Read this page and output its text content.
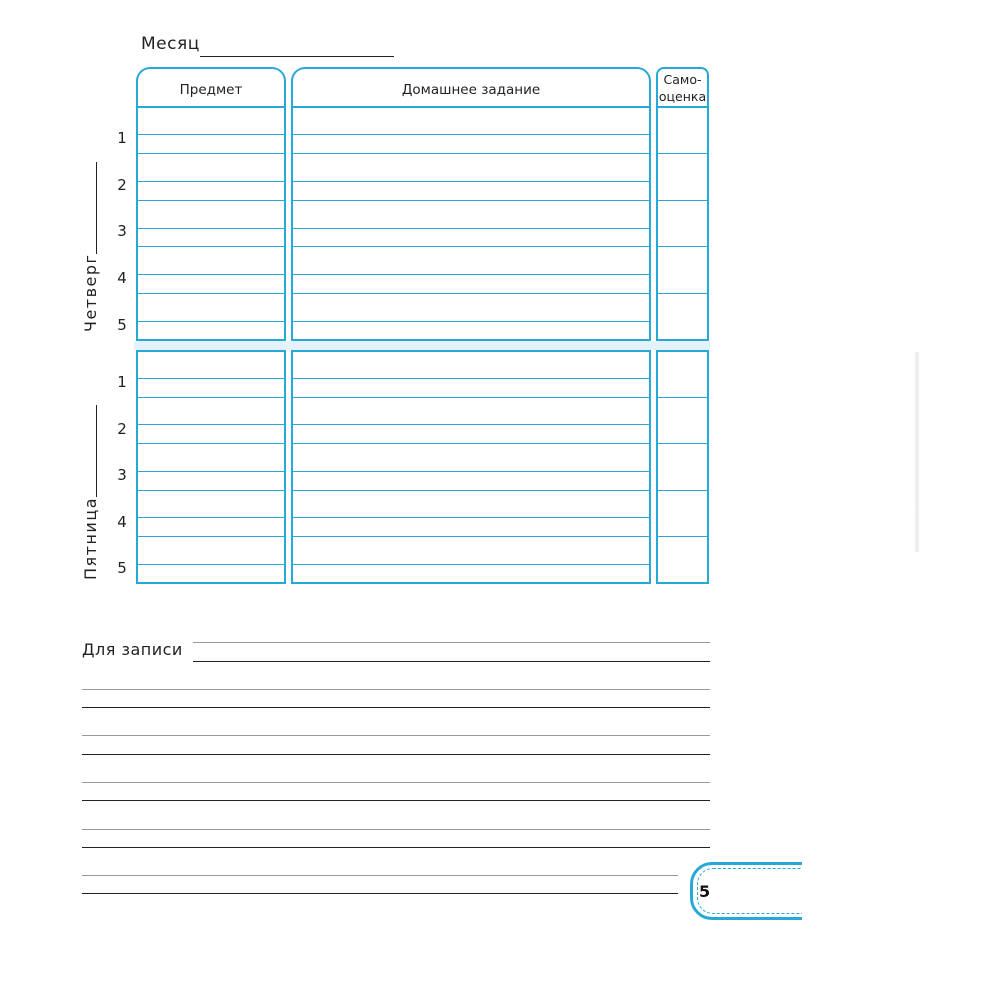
Месяц
Предмет	Домашнее задание
Само-
оценка
1
2
3
4
5
1
2
3
4
5
Четверг
Пятница
Для записи
5
